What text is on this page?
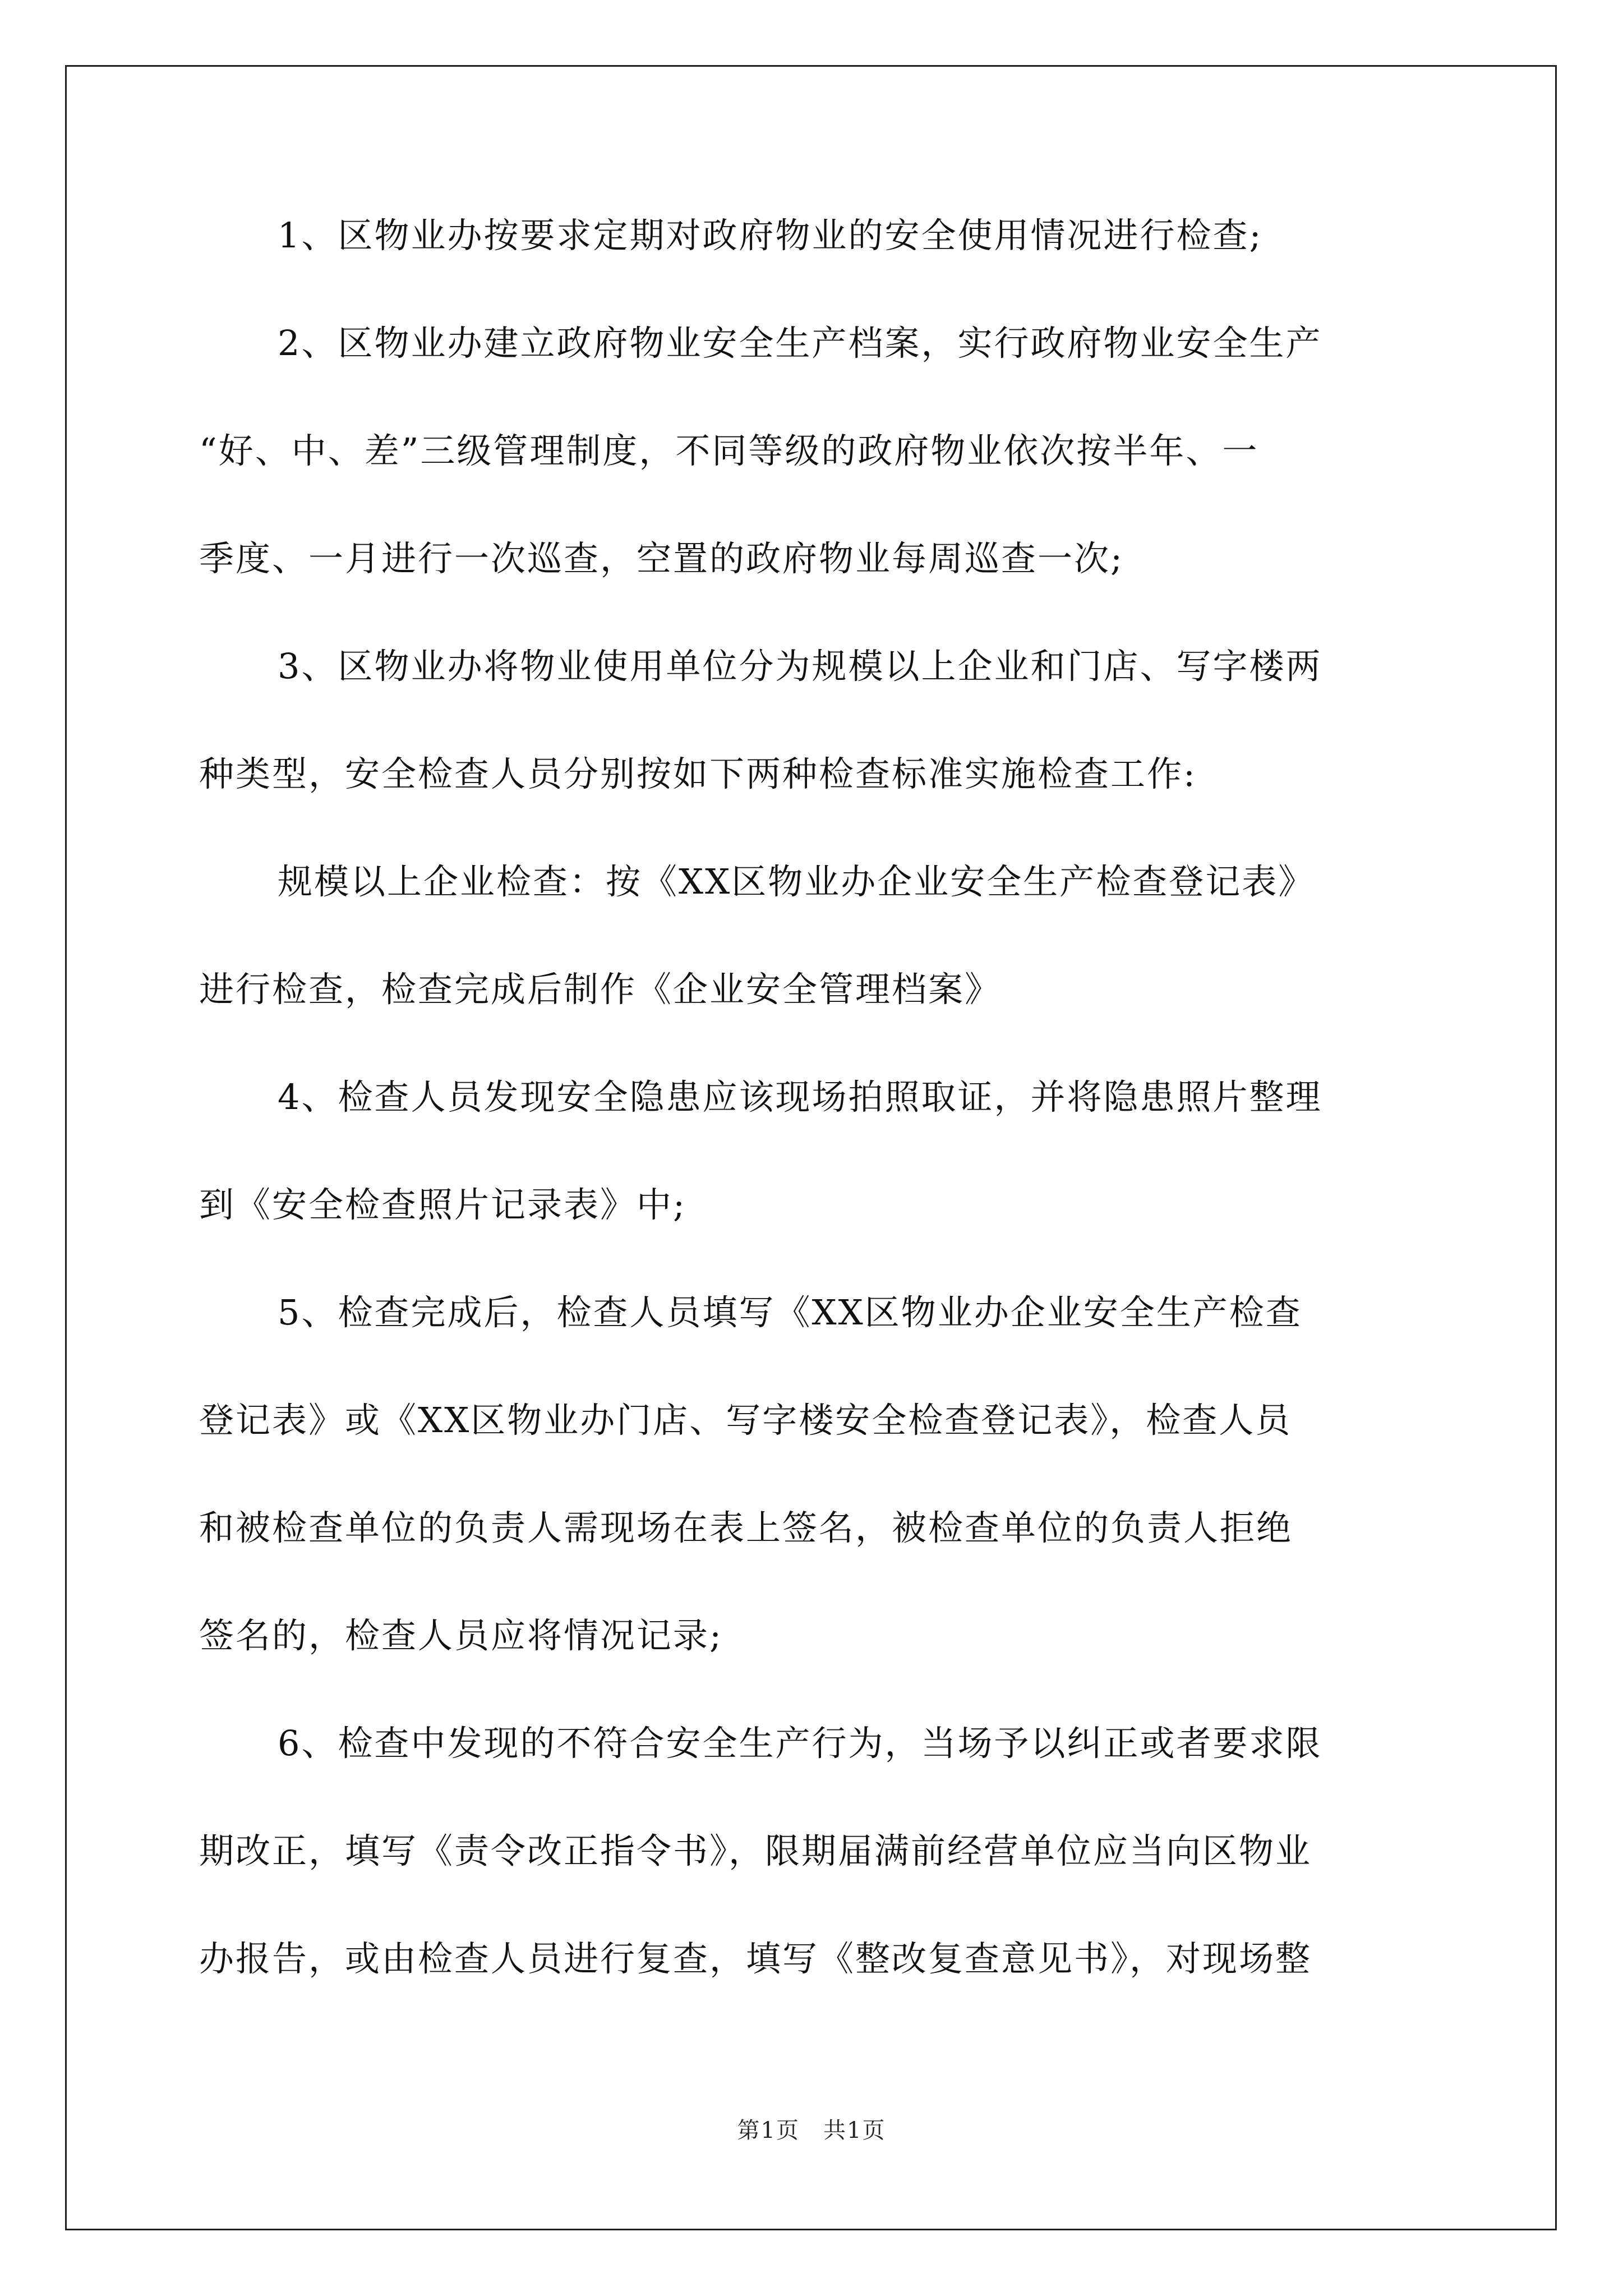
1、区物业办按要求定期对政府物业的安全使用情况进行检查;
2、区物业办建立政府物业安全生产档案，实行政府物业安全生产
“好、中、差”三级管理制度，不同等级的政府物业依次按半年、一
季度、一月进行一次巡查，空置的政府物业每周巡查一次;
3、区物业办将物业使用单位分为规模以上企业和门店、写字楼两
种类型，安全检查人员分别按如下两种检查标准实施检查工作:
规模以上企业检查：按《XX区物业办企业安全生产检查登记表》
进行检查，检查完成后制作《企业安全管理档案》
4、检查人员发现安全隐患应该现场拍照取证，并将隐患照片整理
到《安全检查照片记录表》中;
5、检查完成后，检查人员填写《XX区物业办企业安全生产检查
登记表》或《XX区物业办门店、写字楼安全检查登记表》，检查人员
和被检查单位的负责人需现场在表上签名，被检查单位的负责人拒绝
签名的，检查人员应将情况记录;
6、检查中发现的不符合安全生产行为，当场予以纠正或者要求限
期改正，填写《责令改正指令书》，限期届满前经营单位应当向区物业
办报告，或由检查人员进行复查，填写《整改复查意见书》，对现场整
第1页　共1页
